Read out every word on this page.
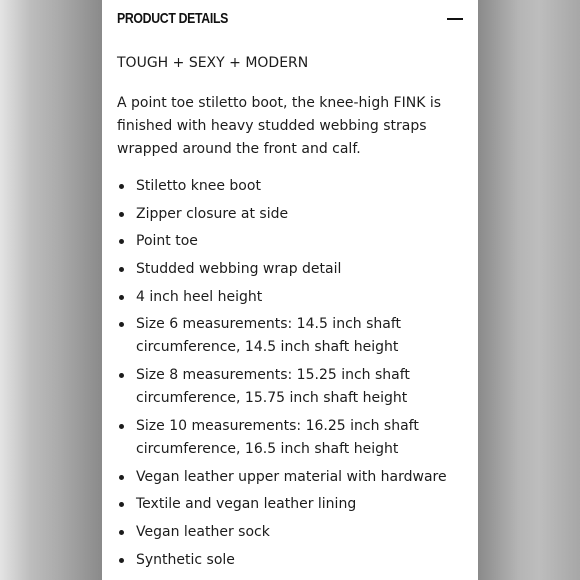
PRODUCT DETAILS
TOUGH + SEXY + MODERN

A point toe stiletto boot, the knee-high FINK is finished with heavy studded webbing straps wrapped around the front and calf.

Stiletto knee boot
Zipper closure at side
Point toe
Studded webbing wrap detail
4 inch heel height
Size 6 measurements: 14.5 inch shaft circumference, 14.5 inch shaft height
Size 8 measurements: 15.25 inch shaft circumference, 15.75 inch shaft height
Size 10 measurements: 16.25 inch shaft circumference, 16.5 inch shaft height
Vegan leather upper material with hardware
Textile and vegan leather lining
Vegan leather sock
Synthetic sole
